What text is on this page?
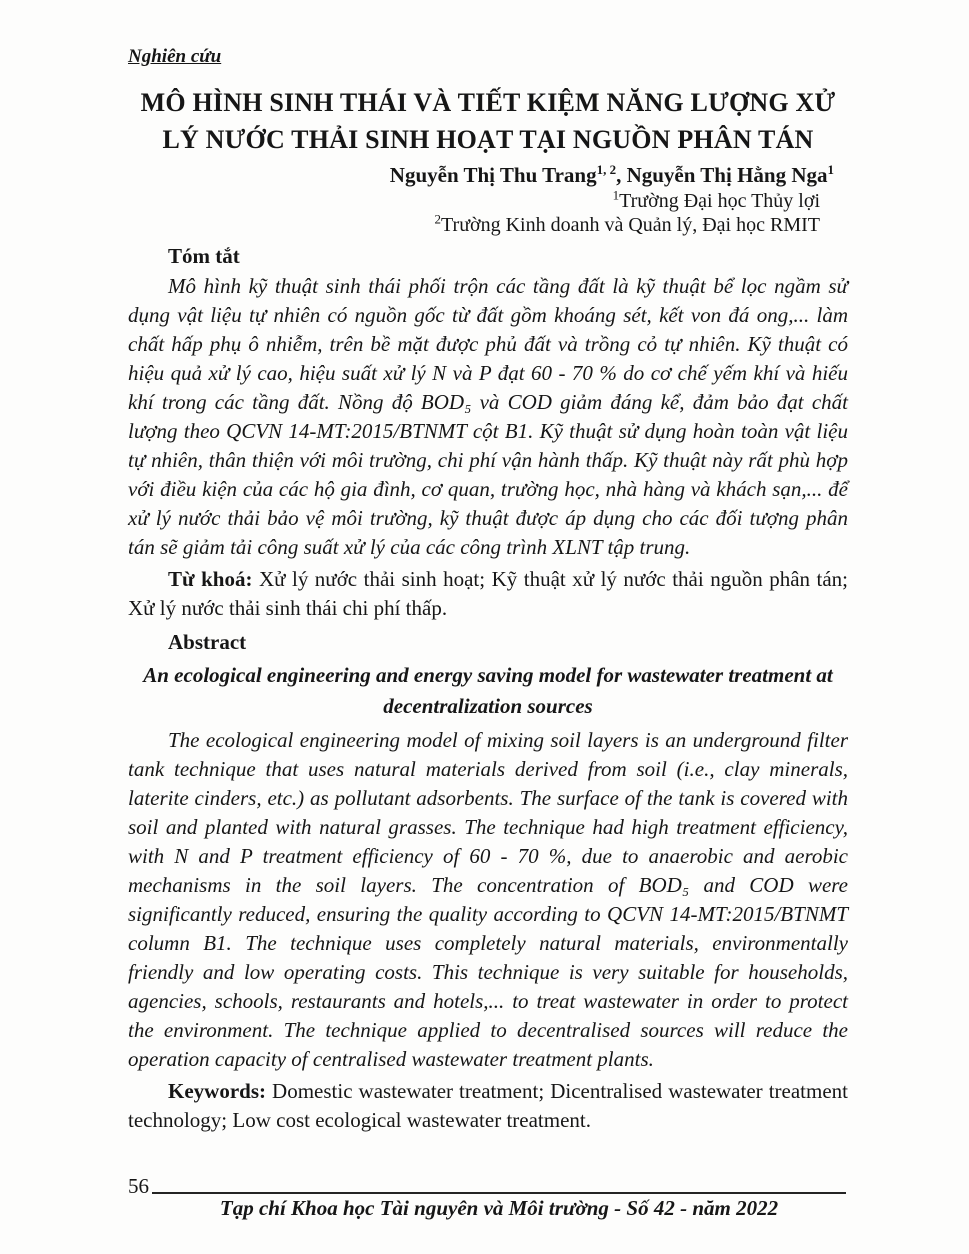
Nghiên cứu
MÔ HÌNH SINH THÁI VÀ TIẾT KIỆM NĂNG LƯỢNG XỬ LÝ NƯỚC THẢI SINH HOẠT TẠI NGUỒN PHÂN TÁN

Nguyễn Thị Thu Trang$^{1, 2}$, Nguyễn Thị Hằng Nga$^1$

$^1$Trường Đại học Thủy lợi

$^2$Trường Kinh doanh và Quản lý, Đại học RMIT

Tóm tắt

Mô hình kỹ thuật sinh thái phối trộn các tầng đất là kỹ thuật bể lọc ngầm sử dụng vật liệu tự nhiên có nguồn gốc từ đất gồm khoáng sét, kết von đá ong,... làm chất hấp phụ ô nhiễm, trên bề mặt được phủ đất và trồng cỏ tự nhiên. Kỹ thuật có hiệu quả xử lý cao, hiệu suất xử lý N và P đạt 60 - 70 % do cơ chế yếm khí và hiếu khí trong các tầng đất. Nồng độ BOD₅ và COD giảm đáng kể, đảm bảo đạt chất lượng theo QCVN 14-MT:2015/BTNMT cột B1. Kỹ thuật sử dụng hoàn toàn vật liệu tự nhiên, thân thiện với môi trường, chi phí vận hành thấp. Kỹ thuật này rất phù hợp với điều kiện của các hộ gia đình, cơ quan, trường học, nhà hàng và khách sạn,... để xử lý nước thải bảo vệ môi trường, kỹ thuật được áp dụng cho các đối tượng phân tán sẽ giảm tải công suất xử lý của các công trình XLNT tập trung.

Từ khoá: Xử lý nước thải sinh hoạt; Kỹ thuật xử lý nước thải nguồn phân tán; Xử lý nước thải sinh thái chi phí thấp.

Abstract
An ecological engineering and energy saving model for wastewater treatment at decentralization sources

The ecological engineering model of mixing soil layers is an underground filter tank technique that uses natural materials derived from soil (i.e., clay minerals, laterite cinders, etc.) as pollutant adsorbents. The surface of the tank is covered with soil and planted with natural grasses. The technique had high treatment efficiency, with N and P treatment efficiency of 60 - 70 %, due to anaerobic and aerobic mechanisms in the soil layers. The concentration of BOD₅ and COD were significantly reduced, ensuring the quality according to QCVN 14-MT:2015/BTNMT column B1. The technique uses completely natural materials, environmentally friendly and low operating costs. This technique is very suitable for households, agencies, schools, restaurants and hotels,... to treat wastewater in order to protect the environment. The technique applied to decentralised sources will reduce the operation capacity of centralised wastewater treatment plants.

Keywords: Domestic wastewater treatment; Dicentralised wastewater treatment technology; Low cost ecological wastewater treatment.

56
Tạp chí Khoa học Tài nguyên và Môi trường - Số 42 - năm 2022
